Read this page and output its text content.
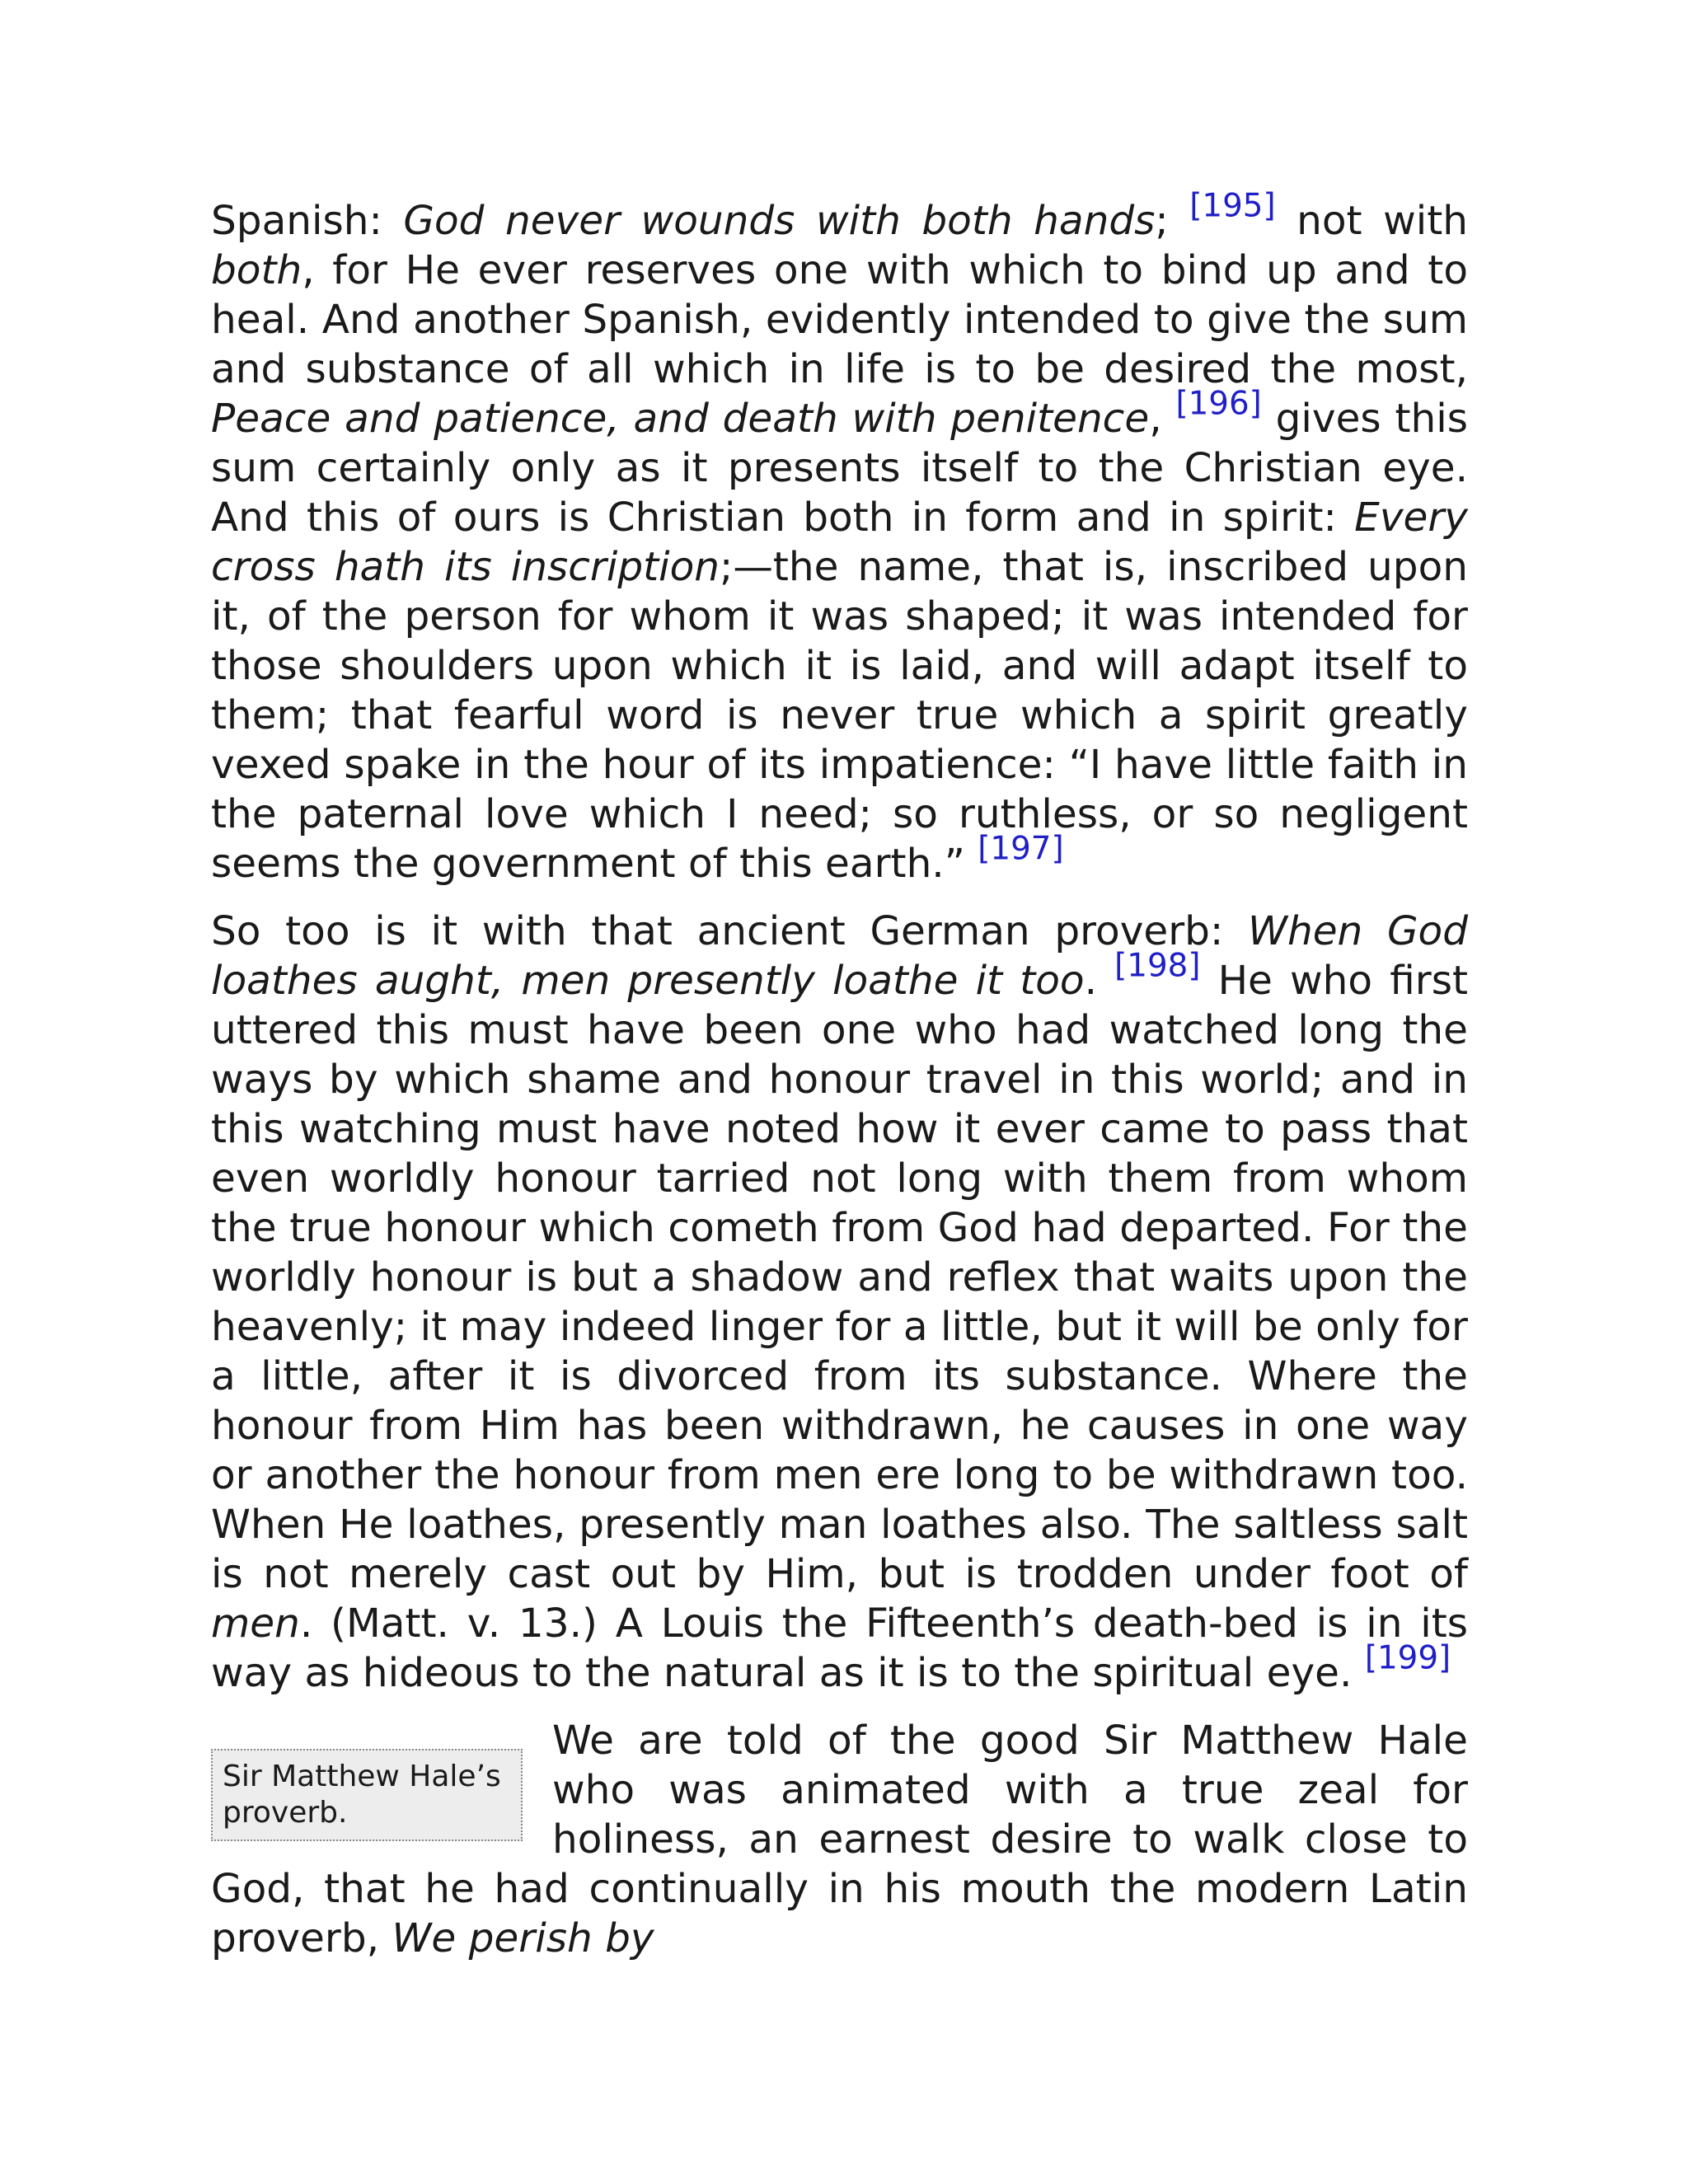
Spanish: God never wounds with both hands; [195] not with both, for He ever reserves one with which to bind up and to heal. And another Spanish, evidently intended to give the sum and substance of all which in life is to be desired the most, Peace and patience, and death with penitence, [196] gives this sum certainly only as it presents itself to the Christian eye. And this of ours is Christian both in form and in spirit: Every cross hath its inscription;—the name, that is, inscribed upon it, of the person for whom it was shaped; it was intended for those shoulders upon which it is laid, and will adapt itself to them; that fearful word is never true which a spirit greatly vexed spake in the hour of its impatience: “I have little faith in the paternal love which I need; so ruthless, or so negligent seems the government of this earth.” [197]

So too is it with that ancient German proverb: When God loathes aught, men presently loathe it too. [198] He who first uttered this must have been one who had watched long the ways by which shame and honour travel in this world; and in this watching must have noted how it ever came to pass that even worldly honour tarried not long with them from whom the true honour which cometh from God had departed. For the worldly honour is but a shadow and reflex that waits upon the heavenly; it may indeed linger for a little, but it will be only for a little, after it is divorced from its substance. Where the honour from Him has been withdrawn, he causes in one way or another the honour from men ere long to be withdrawn too. When He loathes, presently man loathes also. The saltless salt is not merely cast out by Him, but is trodden under foot of men. (Matt. v. 13.) A Louis the Fifteenth’s death-bed is in its way as hideous to the natural as it is to the spiritual eye. [199]

Sir Matthew Hale’s proverb.

We are told of the good Sir Matthew Hale who was animated with a true zeal for holiness, an earnest desire to walk close to God, that he had continually in his mouth the modern Latin proverb, We perish by
